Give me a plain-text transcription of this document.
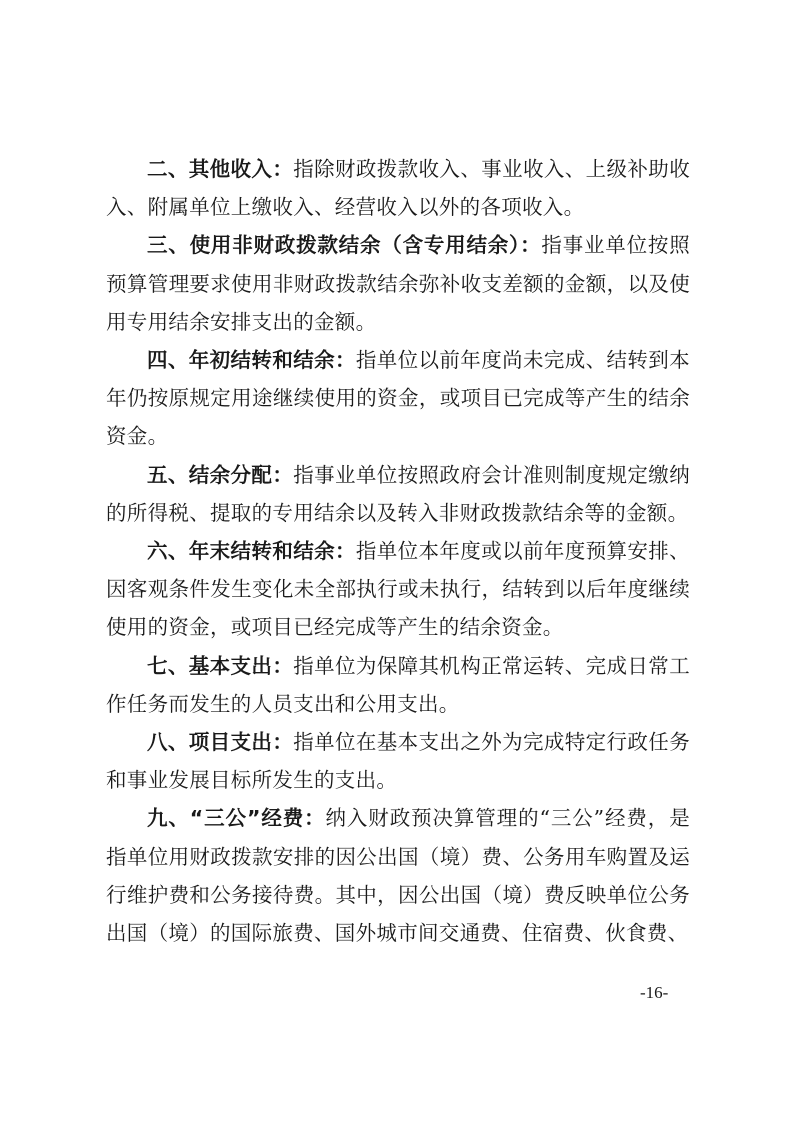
二、其他收入：指除财政拨款收入、事业收入、上级补助收入、附属单位上缴收入、经营收入以外的各项收入。

三、使用非财政拨款结余（含专用结余）：指事业单位按照预算管理要求使用非财政拨款结余弥补收支差额的金额，以及使用专用结余安排支出的金额。

四、年初结转和结余：指单位以前年度尚未完成、结转到本年仍按原规定用途继续使用的资金，或项目已完成等产生的结余资金。

五、结余分配：指事业单位按照政府会计准则制度规定缴纳的所得税、提取的专用结余以及转入非财政拨款结余等的金额。

六、年末结转和结余：指单位本年度或以前年度预算安排、因客观条件发生变化未全部执行或未执行，结转到以后年度继续使用的资金，或项目已经完成等产生的结余资金。

七、基本支出：指单位为保障其机构正常运转、完成日常工作任务而发生的人员支出和公用支出。

八、项目支出：指单位在基本支出之外为完成特定行政任务和事业发展目标所发生的支出。

九、“三公”经费：纳入财政预决算管理的“三公”经费，是指单位用财政拨款安排的因公出国（境）费、公务用车购置及运行维护费和公务接待费。其中，因公出国（境）费反映单位公务出国（境）的国际旅费、国外城市间交通费、住宿费、伙食费、

-16-
